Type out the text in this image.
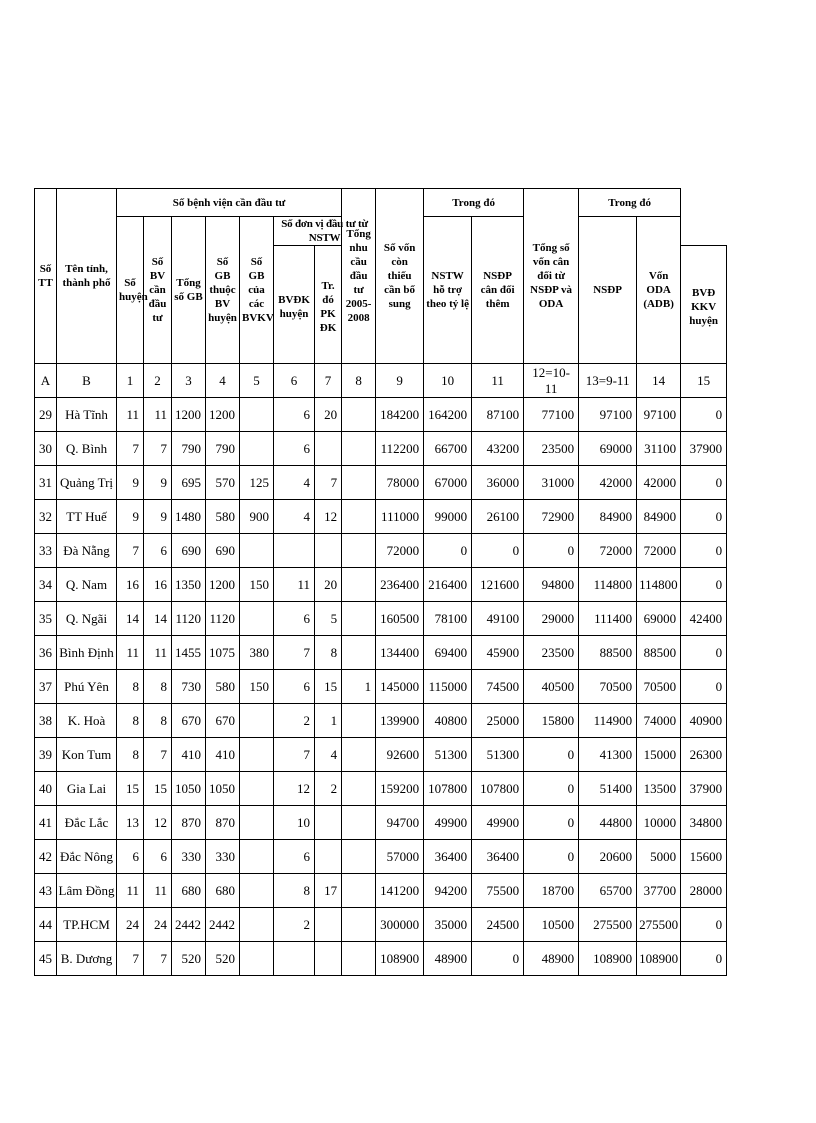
Số TT	Tên tỉnh, thành phố	Số bệnh viện cần đầu tư							Tổng nhu cầu đầu tư 2005-2008	Số vốn còn thiếu cần bổ sung	Trong đó		Tổng số vốn cân đối từ NSĐP và ODA	Trong đó		
		Số huyện	Số BV cần đầu tư	Tổng số GB	Số GB thuộc BV huyện	Số GB của các BVKV	Số đơn vị đầu tư từ NSTW				NSTW hỗ trợ theo tỷ lệ	NSĐP cân đối thêm		NSĐP	Vốn ODA (ADB)	
							BVĐK huyện	Tr. đó PK ĐK								BVĐ KKV huyện
A	B	1	2	3	4	5	6	7	8	9	10	11	12=10-11	13=9-11	14	15
29	Hà Tĩnh	11	11	1200	1200		6	20		184200	164200	87100	77100	97100	97100	0
30	Q. Bình	7	7	790	790		6			112200	66700	43200	23500	69000	31100	37900
31	Quảng Trị	9	9	695	570	125	4	7		78000	67000	36000	31000	42000	42000	0
32	TT Huế	9	9	1480	580	900	4	12		111000	99000	26100	72900	84900	84900	0
33	Đà Nẵng	7	6	690	690					72000	0	0	0	72000	72000	0
34	Q. Nam	16	16	1350	1200	150	11	20		236400	216400	121600	94800	114800	114800	0
35	Q. Ngãi	14	14	1120	1120		6	5		160500	78100	49100	29000	111400	69000	42400
36	Bình Định	11	11	1455	1075	380	7	8		134400	69400	45900	23500	88500	88500	0
37	Phú Yên	8	8	730	580	150	6	15	1	145000	115000	74500	40500	70500	70500	0
38	K. Hoà	8	8	670	670		2	1		139900	40800	25000	15800	114900	74000	40900
39	Kon Tum	8	7	410	410		7	4		92600	51300	51300	0	41300	15000	26300
40	Gia Lai	15	15	1050	1050		12	2		159200	107800	107800	0	51400	13500	37900
41	Đắc Lắc	13	12	870	870		10			94700	49900	49900	0	44800	10000	34800
42	Đắc Nông	6	6	330	330		6			57000	36400	36400	0	20600	5000	15600
43	Lâm Đồng	11	11	680	680		8	17		141200	94200	75500	18700	65700	37700	28000
44	TP.HCM	24	24	2442	2442		2			300000	35000	24500	10500	275500	275500	0
45	B. Dương	7	7	520	520					108900	48900	0	48900	108900	108900	0
